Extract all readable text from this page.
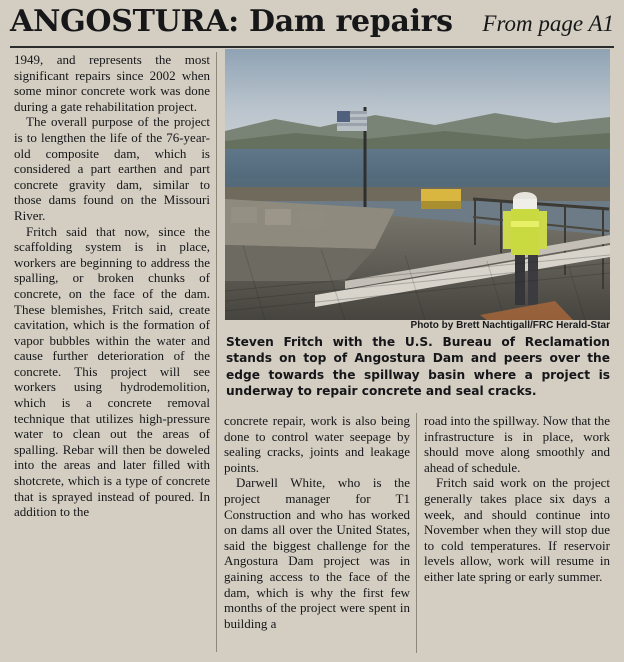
ANGOSTURA: Dam repairs From page A1

1949, and represents the most significant repairs since 2002 when some minor concrete work was done during a gate rehabilitation project.

The overall purpose of the project is to lengthen the life of the 76-year-old composite dam, which is considered a part earthen and part concrete gravity dam, similar to those dams found on the Missouri River.

Fritch said that now, since the scaffolding system is in place, workers are beginning to address the spalling, or broken chunks of concrete, on the face of the dam. These blemishes, Fritch said, create cavitation, which is the formation of vapor bubbles within the water and cause further deterioration of the concrete. This project will see workers using hydrodemolition, which is a concrete removal technique that utilizes high-pressure water to clean out the areas of spalling. Rebar will then be doweled into the areas and later filled with shotcrete, which is a type of concrete that is sprayed instead of poured. In addition to the

Photo by Brett Nachtigall/FRC Herald-Star
Steven Fritch with the U.S. Bureau of Reclamation stands on top of Angostura Dam and peers over the edge towards the spillway basin where a project is underway to repair concrete and seal cracks.

concrete repair, work is also being done to control water seepage by sealing cracks, joints and leakage points.

Darwell White, who is the project manager for T1 Construction and who has worked on dams all over the United States, said the biggest challenge for the Angostura Dam project was in gaining access to the face of the dam, which is why the first few months of the project were spent in building a

road into the spillway. Now that the infrastructure is in place, work should move along smoothly and ahead of schedule.

Fritch said work on the project generally takes place six days a week, and should continue into November when they will stop due to cold temperatures. If reservoir levels allow, work will resume in either late spring or early summer.
